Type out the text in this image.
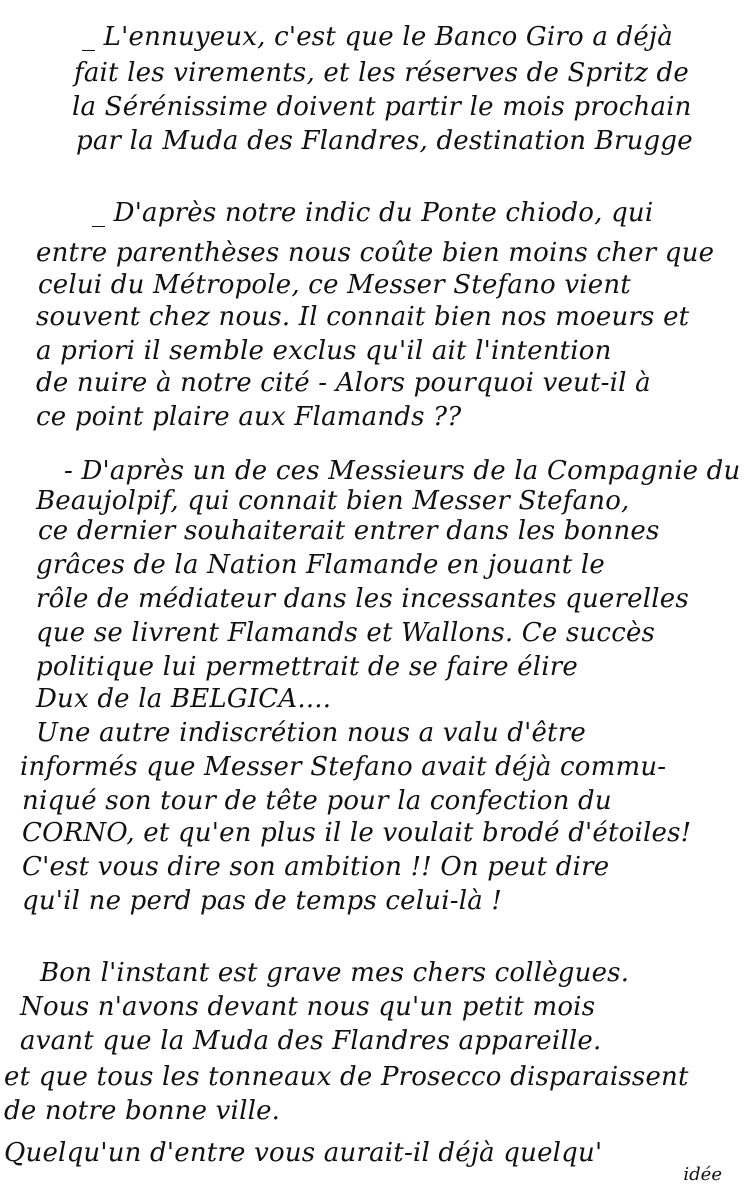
_ L'ennuyeux, c'est que le Banco Giro a déjà
fait les virements, et les réserves de Spritz de
la Sérénissime doivent partir le mois prochain
par la Muda des Flandres, destination Brugge
_ D'après notre indic du Ponte chiodo, qui
entre parenthèses nous coûte bien moins cher que
celui du Métropole, ce Messer Stefano vient
souvent chez nous. Il connait bien nos moeurs et
a priori il semble exclus qu'il ait l'intention
de nuire à notre cité - Alors pourquoi veut-il à
ce point plaire aux Flamands ??
- D'après un de ces Messieurs de la Compagnie du
Beaujolpif, qui connait bien Messer Stefano,
ce dernier souhaiterait entrer dans les bonnes
grâces de la Nation Flamande en jouant le
rôle de médiateur dans les incessantes querelles
que se livrent Flamands et Wallons. Ce succès
politique lui permettrait de se faire élire
Dux de la BELGICA....
Une autre indiscrétion nous a valu d'être
informés que Messer Stefano avait déjà commu-
niqué son tour de tête pour la confection du
CORNO, et qu'en plus il le voulait brodé d'étoiles!
C'est vous dire son ambition !! On peut dire
qu'il ne perd pas de temps celui-là !
Bon l'instant est grave mes chers collègues.
Nous n'avons devant nous qu'un petit mois
avant que la Muda des Flandres appareille.
et que tous les tonneaux de Prosecco disparaissent
de notre bonne ville.
Quelqu'un d'entre vous aurait-il déjà quelqu'
idée
